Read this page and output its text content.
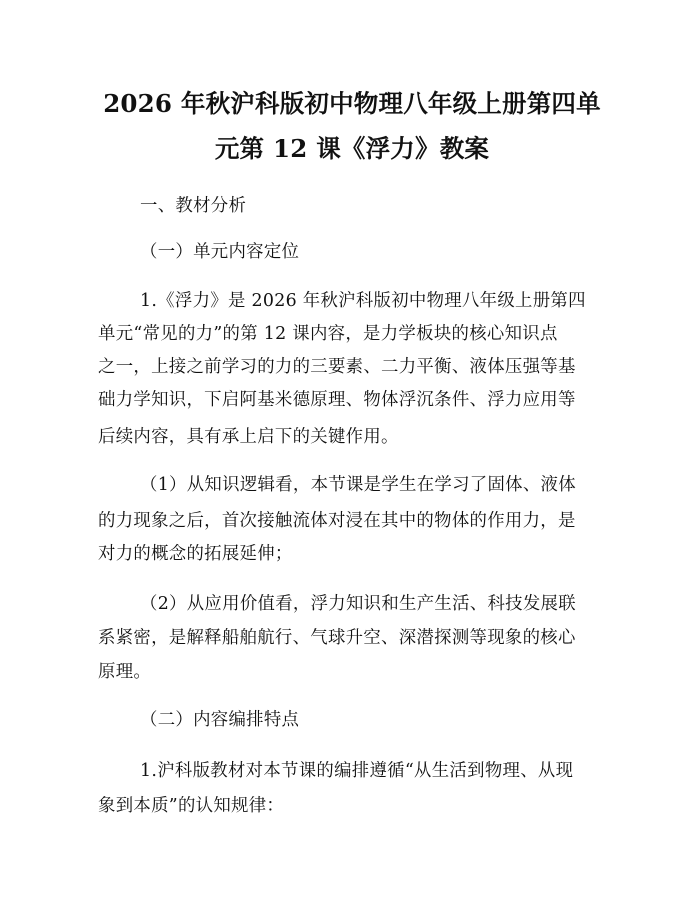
2026 年秋沪科版初中物理八年级上册第四单
元第 12 课《浮力》教案

一、教材分析

（一）单元内容定位

1.《浮力》是 2026 年秋沪科版初中物理八年级上册第四

单元“常见的力”的第 12 课内容，是力学板块的核心知识点

之一，上接之前学习的力的三要素、二力平衡、液体压强等基

础力学知识，下启阿基米德原理、物体浮沉条件、浮力应用等

后续内容，具有承上启下的关键作用。

（1）从知识逻辑看，本节课是学生在学习了固体、液体

的力现象之后，首次接触流体对浸在其中的物体的作用力，是

对力的概念的拓展延伸；

（2）从应用价值看，浮力知识和生产生活、科技发展联

系紧密，是解释船舶航行、气球升空、深潜探测等现象的核心

原理。

（二）内容编排特点

1.沪科版教材对本节课的编排遵循“从生活到物理、从现

象到本质”的认知规律：
